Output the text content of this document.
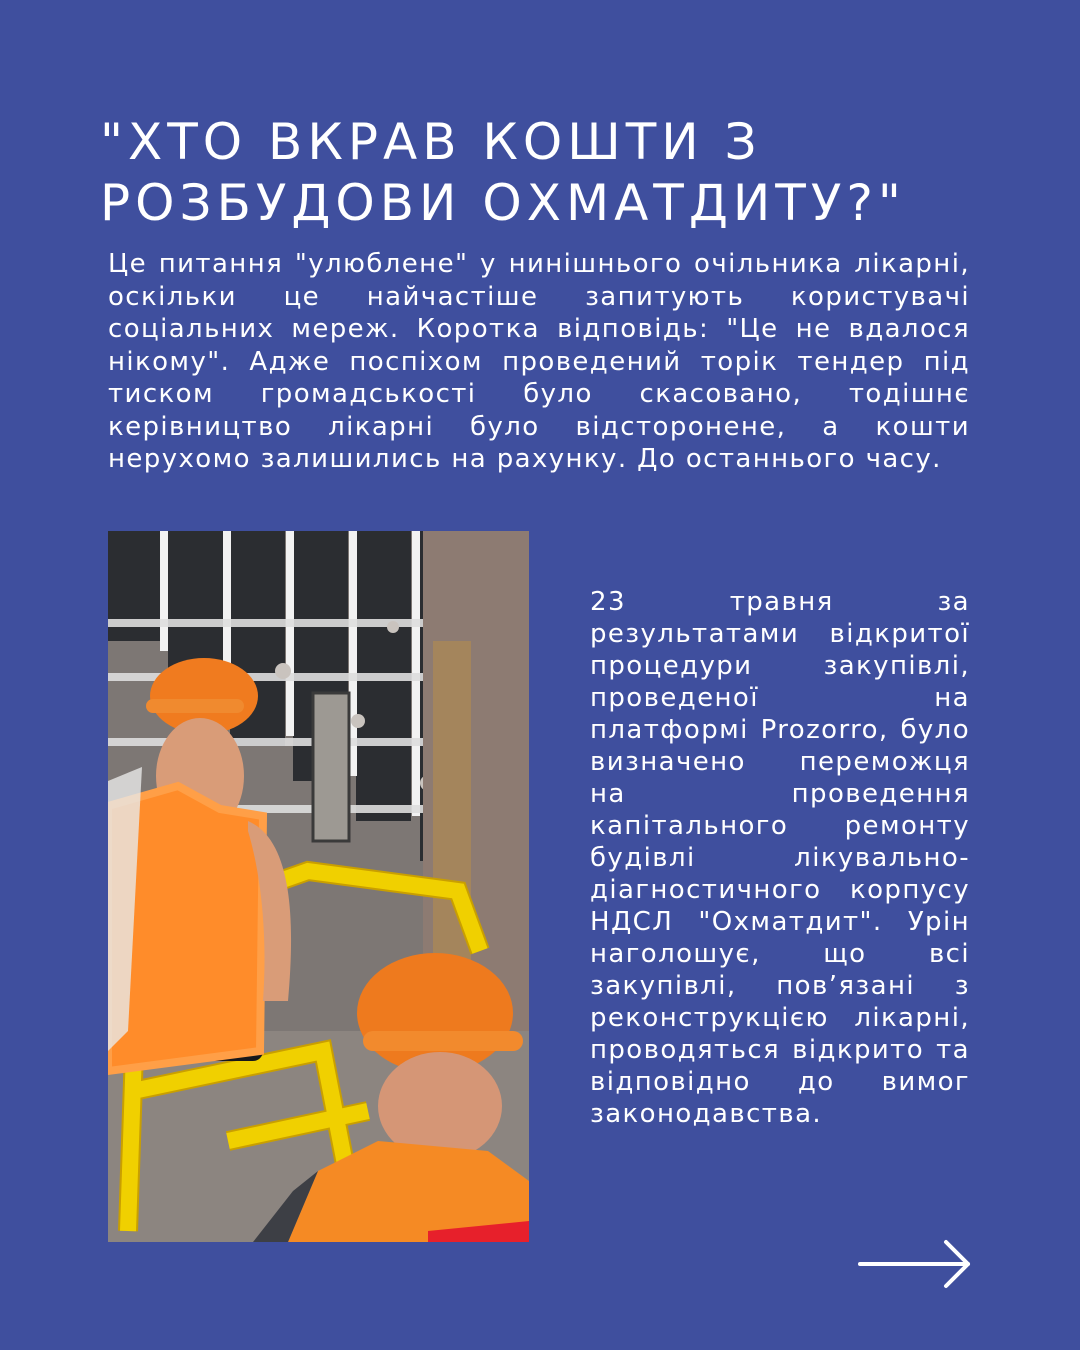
"ХТО ВКРАВ КОШТИ З РОЗБУДОВИ ОХМАТДИТУ?"

Це питання "улюблене" у нинішнього очільника лікарні, оскільки це найчастіше запитують користувачі соціальних мереж. Коротка відповідь: "Це не вдалося нікому". Адже поспіхом проведений торік тендер під тиском громадськості було скасовано, тодішнє керівництво лікарні було відсторонене, а кошти нерухомо залишились на рахунку. До останнього часу.

23 травня за результатами відкритої процедури закупівлі, проведеної на платформі Prozorro, було визначено переможця на проведення капітального ремонту будівлі лікувально-діагностичного корпусу НДСЛ "Охматдит". Урін наголошує, що всі закупівлі, пов’язані з реконструкцією лікарні, проводяться відкрито та відповідно до вимог законодавства.
